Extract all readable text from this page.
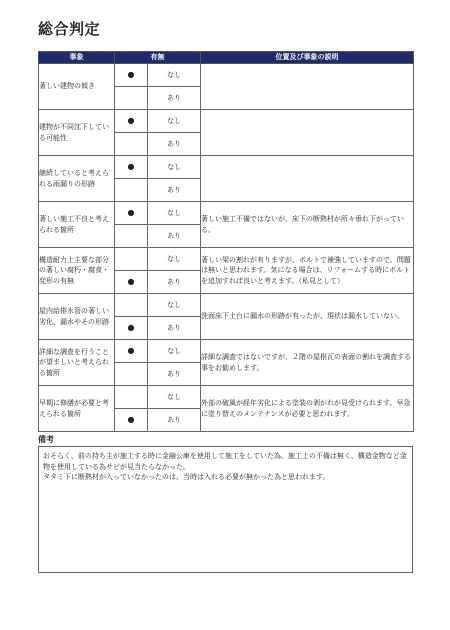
総合判定
事象	有無		位置及び事象の説明
著しい建物の傾き	●	なし	
		あり	
建物が不同沈下している可能性	●	なし	
		あり	
継続していると考えられる雨漏りの形跡	●	なし	
		あり	
著しい施工不良と考えられる箇所	●	なし	著しい施工不備ではないが、床下の断熱材が所々垂れ下がっている。
		あり	
構造耐力上主要な部分の著しい腐朽・腐食・変形の有無		なし	著しい梁の割れが有りますが、ボルトで補強していますので、問題は無いと思われます。気になる場合は、リフォームする時にボルトを追加すれば良いと考えます。（私見として）
	●	あり	
屋内給排水管の著しい劣化、漏水やその形跡		なし	洗面床下土台に漏水の形跡が有ったが、現状は漏水していない。
	●	あり	
詳細な調査を行うことが望ましいと考えられる箇所	●	なし	詳細な調査ではないですが、２階の屋根瓦の表面の割れを調査する事をお勧めします。
		あり	
早期に修繕が必要と考えられる箇所		なし	外部の破風が経年劣化による塗装の剥がれが見受けられます。早急に塗り替えのメンテナンスが必要と思われます。
	●	あり	
備考

おそらく、前の持ち主が施工する時に金融公庫を使用して施工をしていた為、施工上の不備は無く、構造金物など金物を使用している為サビが見当たらなかった。

タタミ下に断熱材が入っていなかったのは、当時は入れる必要が無かった為と思われます。
